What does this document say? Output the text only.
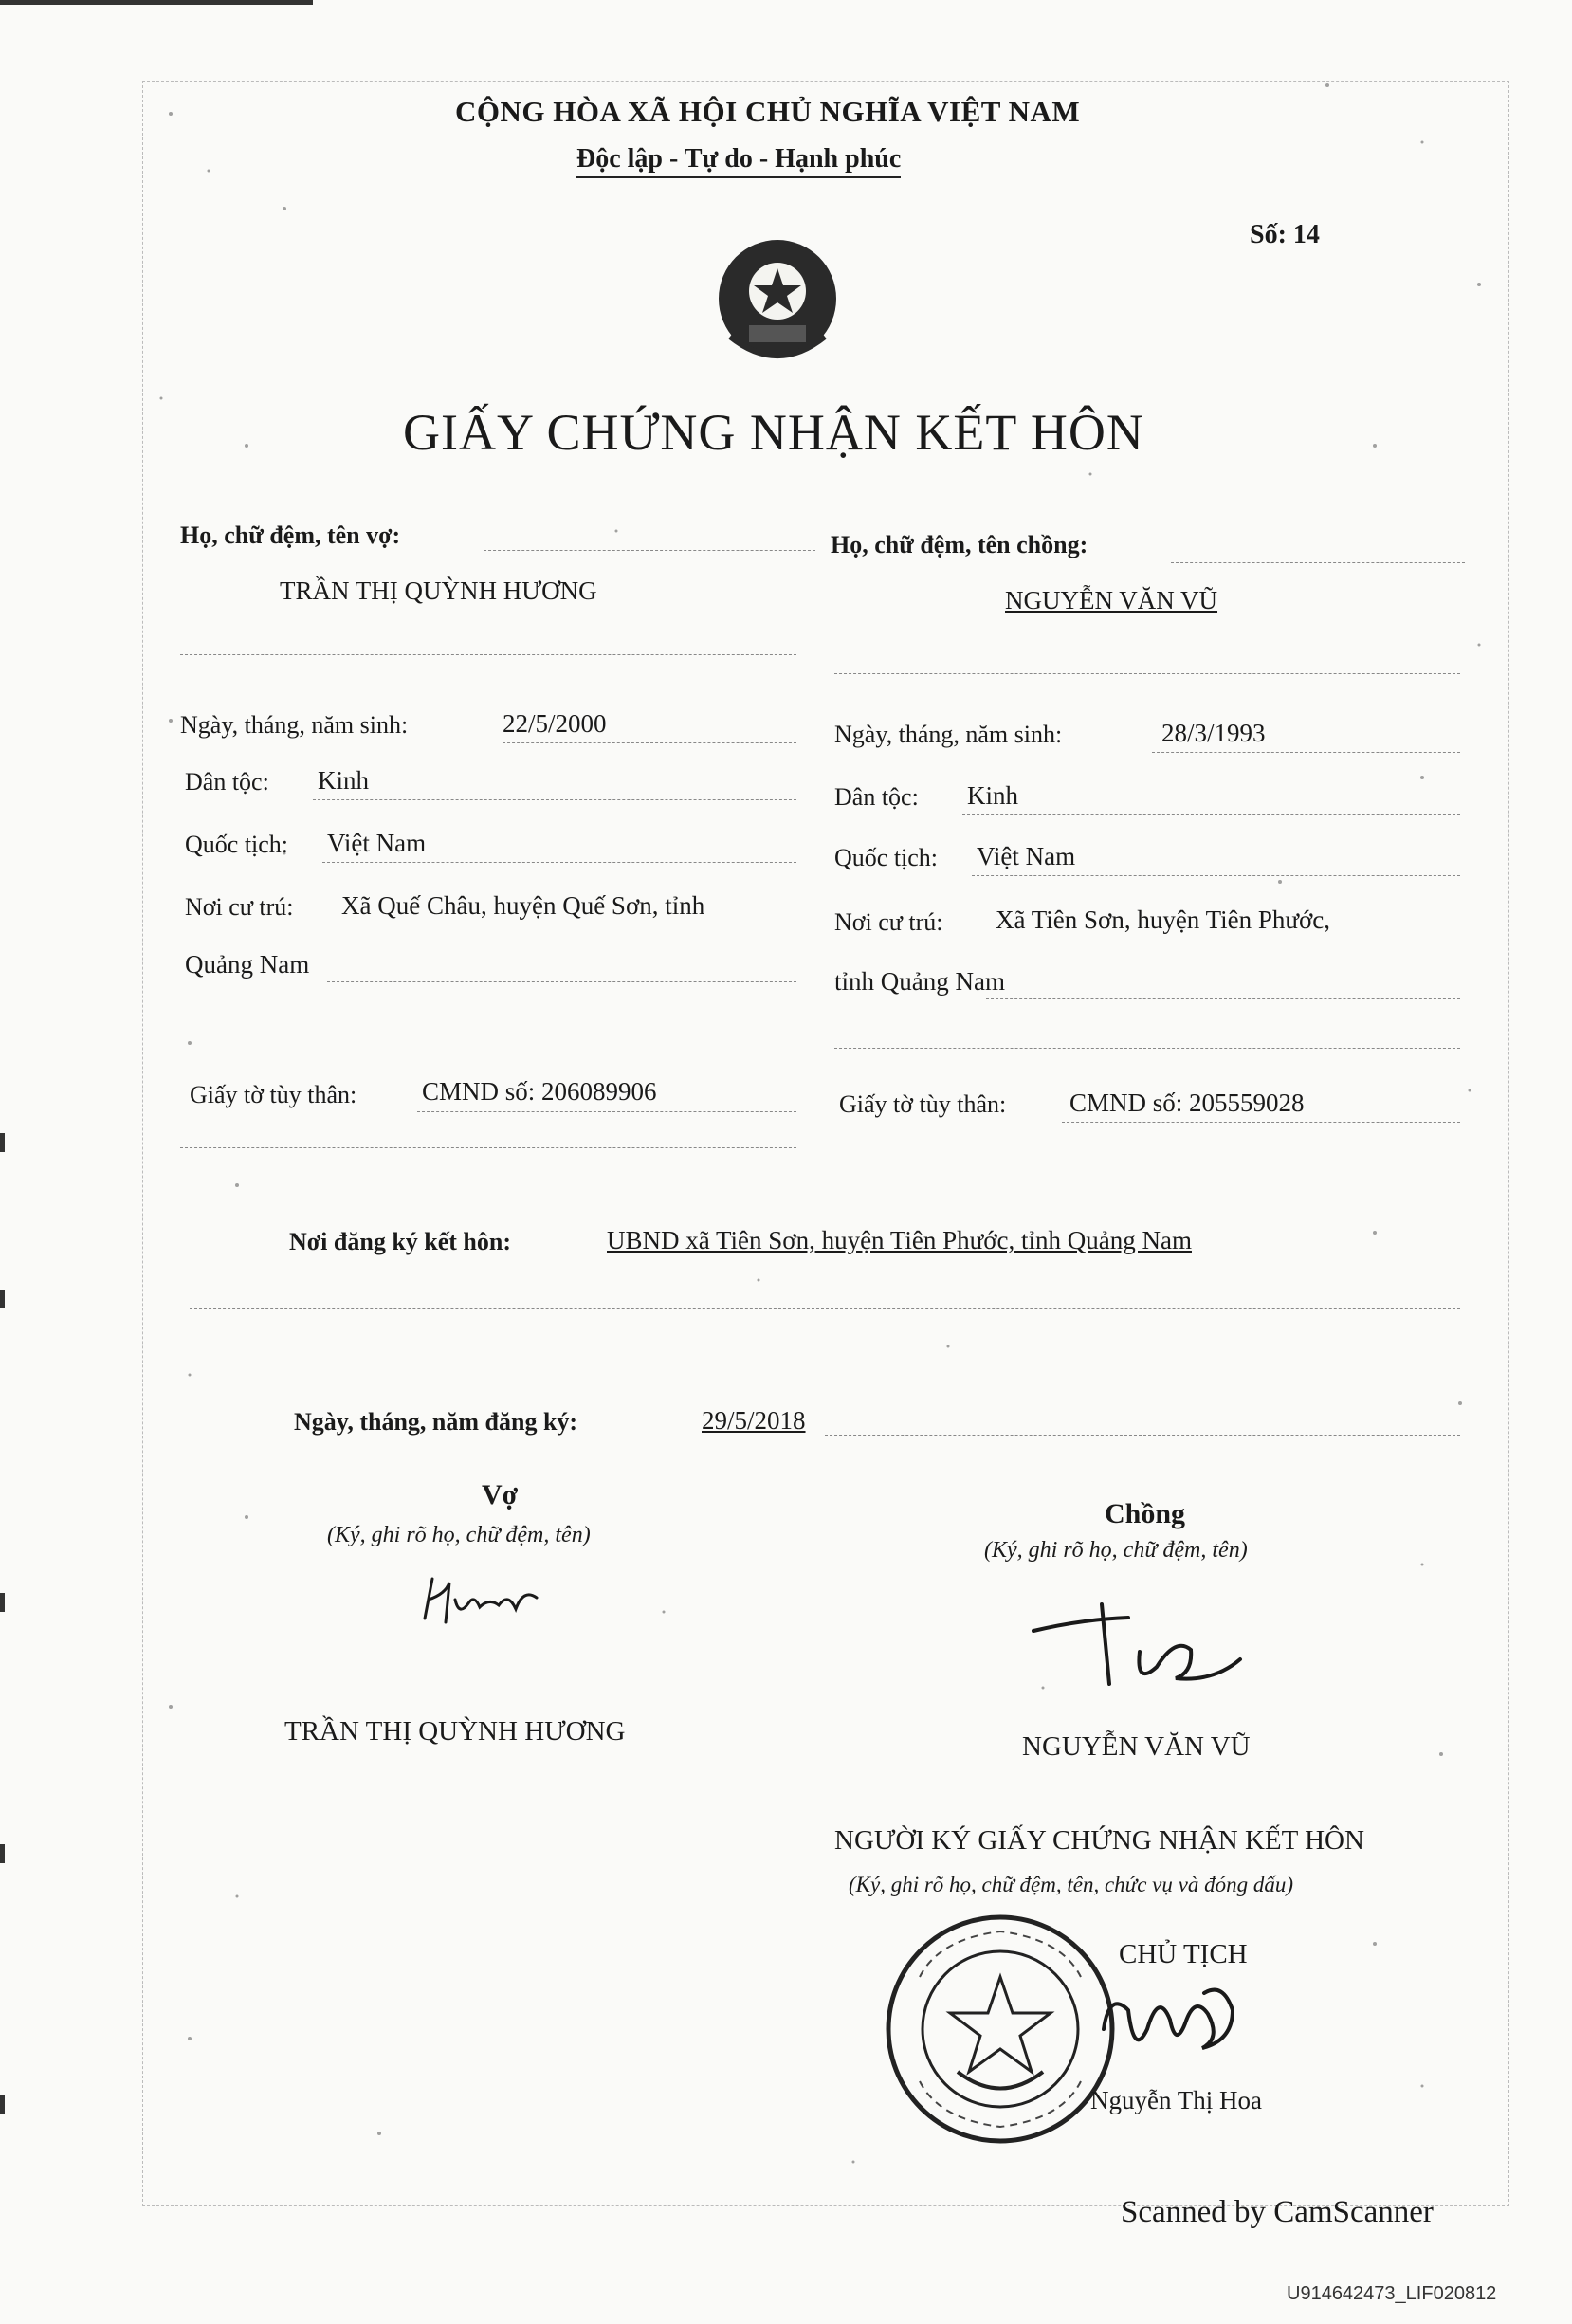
CỘNG HÒA XÃ HỘI CHỦ NGHĨA VIỆT NAM
Độc lập - Tự do - Hạnh phúc
Số: 14
GIẤY CHỨNG NHẬN KẾT HÔN
Họ, chữ đệm, tên vợ:
TRẦN THỊ QUỲNH HƯƠNG
Ngày, tháng, năm sinh:	22/5/2000
Dân tộc: Kinh
Quốc tịch: Việt Nam
Nơi cư trú: Xã Quế Châu, huyện Quế Sơn, tỉnh
Quảng Nam
Giấy tờ tùy thân:	CMND số: 206089906
Họ, chữ đệm, tên chồng:
NGUYỄN VĂN VŨ
Ngày, tháng, năm sinh:	28/3/1993
Dân tộc: Kinh
Quốc tịch: Việt Nam
Nơi cư trú: Xã Tiên Sơn, huyện Tiên Phước,
tỉnh Quảng Nam
Giấy tờ tùy thân: CMND số: 205559028
Nơi đăng ký kết hôn:	UBND xã Tiên Sơn, huyện Tiên Phước, tỉnh Quảng Nam
Ngày, tháng, năm đăng ký:	29/5/2018
Vợ
(Ký, ghi rõ họ, chữ đệm, tên)
Chồng
(Ký, ghi rõ họ, chữ đệm, tên)
TRẦN THỊ QUỲNH HƯƠNG	NGUYỄN VĂN VŨ
NGƯỜI KÝ GIẤY CHỨNG NHẬN KẾT HÔN
(Ký, ghi rõ họ, chữ đệm, tên, chức vụ và đóng dấu)
CHỦ TỊCH
Nguyễn Thị Hoa
Scanned by CamScanner
U914642473_LIF020812
